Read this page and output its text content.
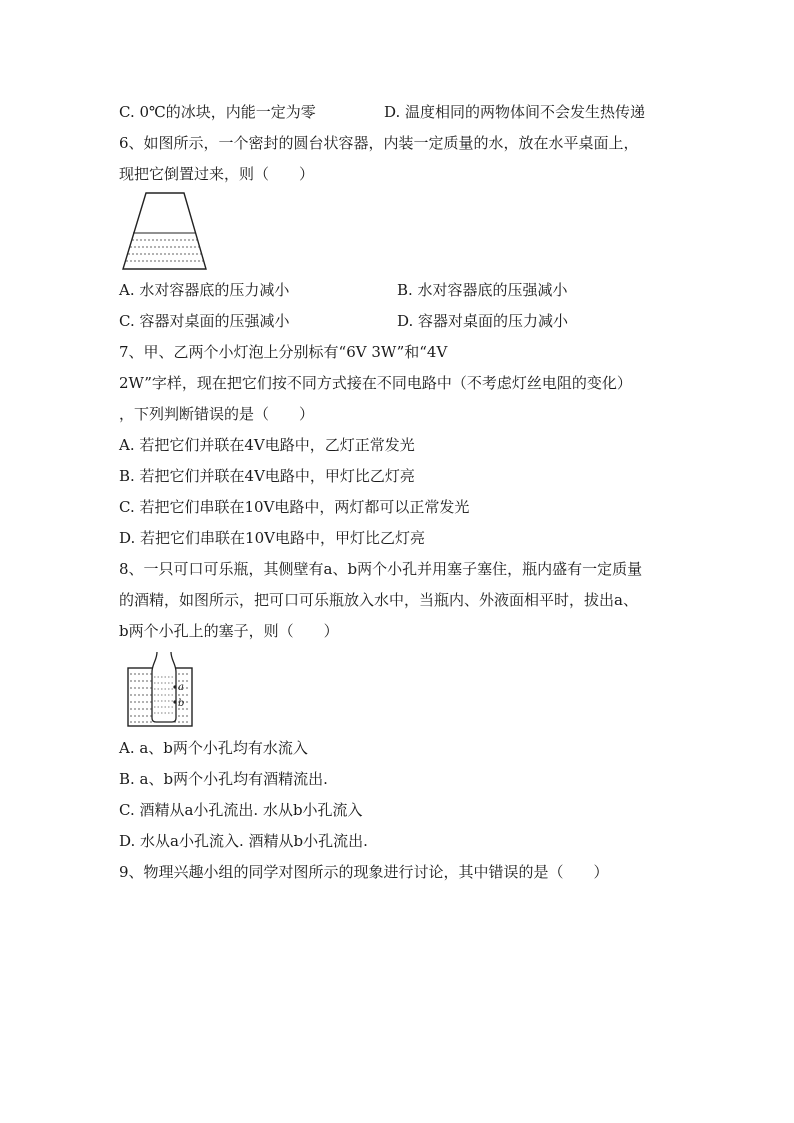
C. 0℃的冰块，内能一定为零	D. 温度相同的两物体间不会发生热传递
6、如图所示，一个密封的圆台状容器，内装一定质量的水，放在水平桌面上，
现把它倒置过来，则（　　）
A. 水对容器底的压力减小	B. 水对容器底的压强减小
C. 容器对桌面的压强减小	D. 容器对桌面的压力减小
7、甲、乙两个小灯泡上分别标有“6V 3W”和“4V
2W”字样，现在把它们按不同方式接在不同电路中（不考虑灯丝电阻的变化）
，下列判断错误的是（　　）
A. 若把它们并联在4V电路中，乙灯正常发光
B. 若把它们并联在4V电路中，甲灯比乙灯亮
C. 若把它们串联在10V电路中，两灯都可以正常发光
D. 若把它们串联在10V电路中，甲灯比乙灯亮
8、一只可口可乐瓶，其侧壁有a、b两个小孔并用塞子塞住，瓶内盛有一定质量
的酒精，如图所示，把可口可乐瓶放入水中，当瓶内、外液面相平时，拔出a、
b两个小孔上的塞子，则（　　）
a
b
A. a、b两个小孔均有水流入
B. a、b两个小孔均有酒精流出.
C. 酒精从a小孔流出. 水从b小孔流入
D. 水从a小孔流入. 酒精从b小孔流出.
9、物理兴趣小组的同学对图所示的现象进行讨论，其中错误的是（　　）
